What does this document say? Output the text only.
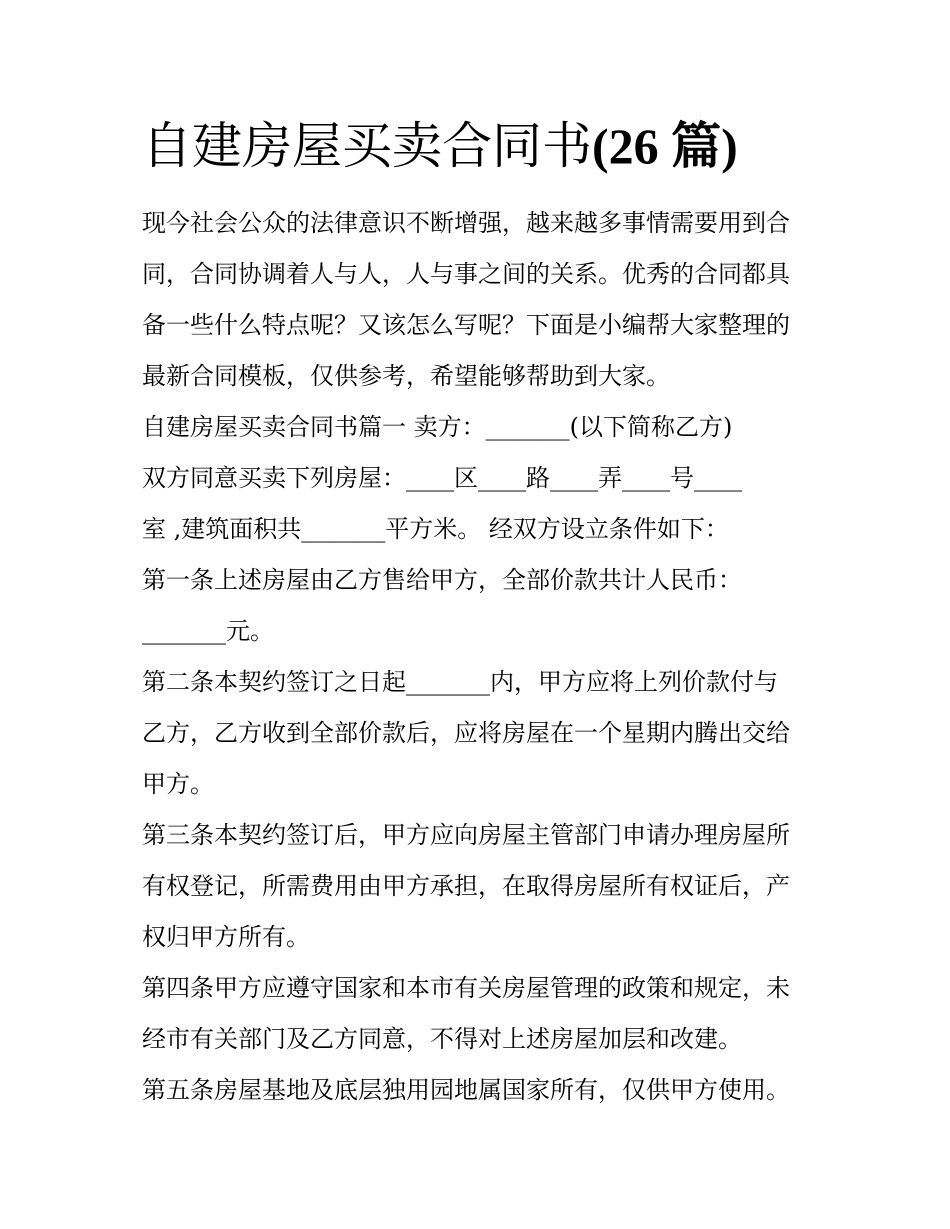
自建房屋买卖合同书(26 篇)
现今社会公众的法律意识不断增强，越来越多事情需要用到合
同，合同协调着人与人，人与事之间的关系。优秀的合同都具
备一些什么特点呢？又该怎么写呢？下面是小编帮大家整理的
最新合同模板，仅供参考，希望能够帮助到大家。
自建房屋买卖合同书篇一 卖方：_______(以下简称乙方)
双方同意买卖下列房屋：____区____路____弄____号____
室 ,建筑面积共_______平方米。 经双方设立条件如下：
第一条上述房屋由乙方售给甲方，全部价款共计人民币：
_______元。
第二条本契约签订之日起_______内，甲方应将上列价款付与
乙方，乙方收到全部价款后，应将房屋在一个星期内腾出交给
甲方。
第三条本契约签订后，甲方应向房屋主管部门申请办理房屋所
有权登记，所需费用由甲方承担，在取得房屋所有权证后，产
权归甲方所有。
第四条甲方应遵守国家和本市有关房屋管理的政策和规定，未
经市有关部门及乙方同意，不得对上述房屋加层和改建。
第五条房屋基地及底层独用园地属国家所有，仅供甲方使用。
